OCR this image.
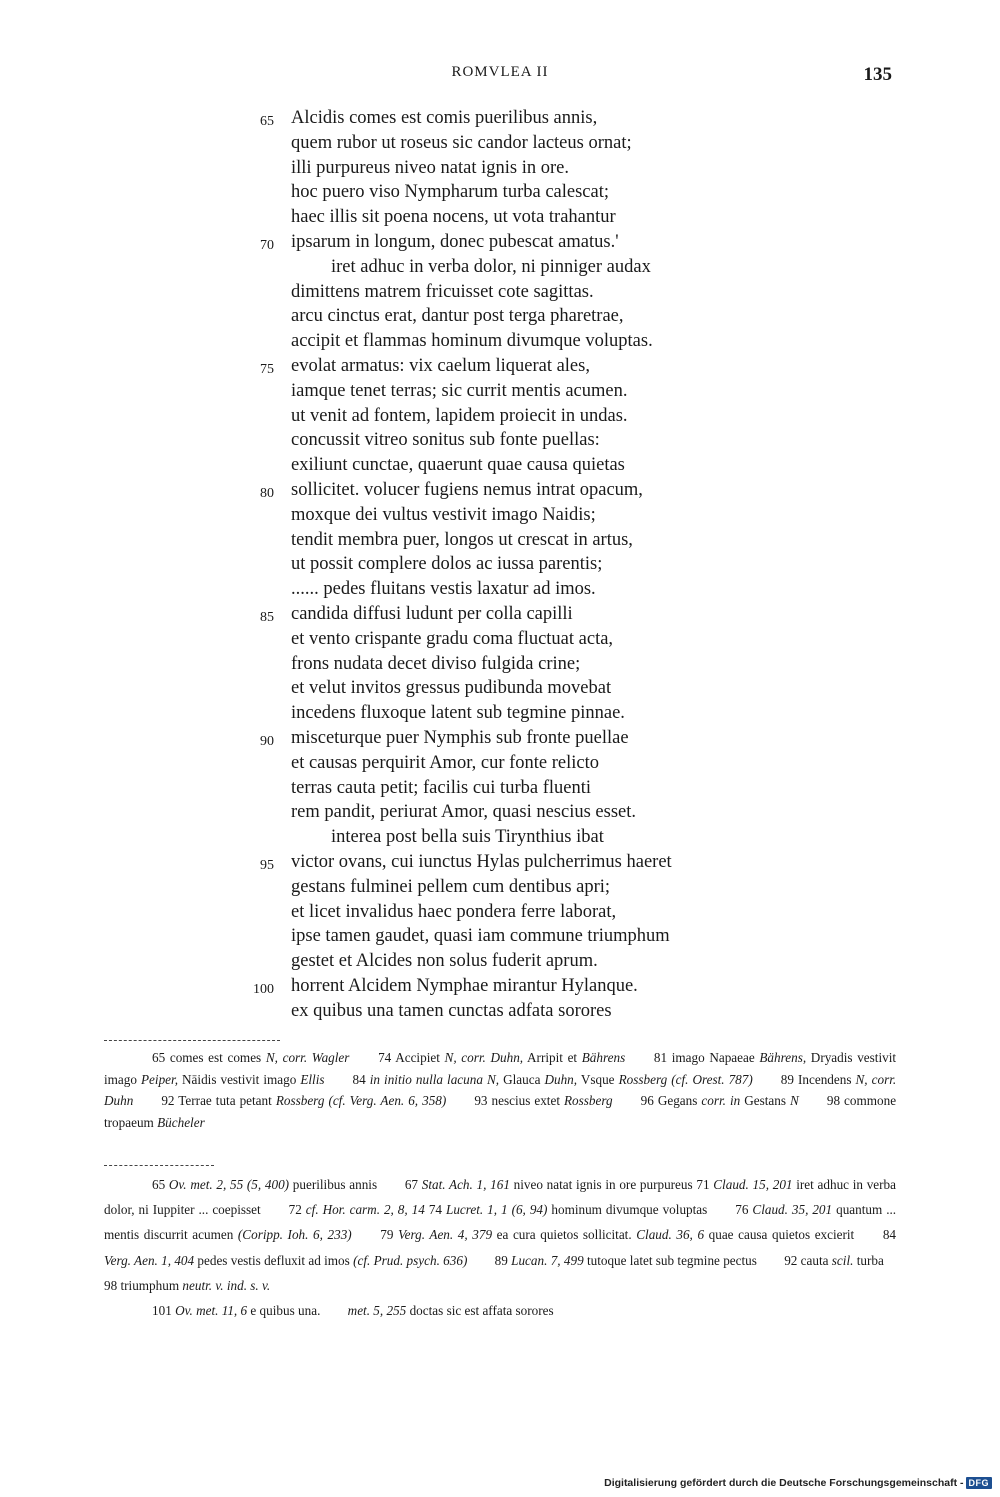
ROMVLEA II	135
65 Alcidis comes est comis puerilibus annis,
quem rubor ut roseus sic candor lacteus ornat;
illi purpureus niveo natat ignis in ore.
hoc puero viso Nympharum turba calescat;
haec illis sit poena nocens, ut vota trahantur
70 ipsarum in longum, donec pubescat amatus.'
iret adhuc in verba dolor, ni pinniger audax
dimittens matrem fricuisset cote sagittas.
arcu cinctus erat, dantur post terga pharetrae,
accipit et flammas hominum divumque voluptas.
75 evolat armatus: vix caelum liquerat ales,
iamque tenet terras; sic currit mentis acumen.
ut venit ad fontem, lapidem proiecit in undas.
concussit vitreo sonitus sub fonte puellas:
exiliunt cunctae, quaerunt quae causa quietas
80 sollicitet. volucer fugiens nemus intrat opacum,
moxque dei vultus vestivit imago Naidis;
tendit membra puer, longos ut crescat in artus,
ut possit complere dolos ac iussa parentis;
...... pedes fluitans vestis laxatur ad imos.
85 candida diffusi ludunt per colla capilli
et vento crispante gradu coma fluctuat acta,
frons nudata decet diviso fulgida crine;
et velut invitos gressus pudibunda movebat
incedens fluxoque latent sub tegmine pinnae.
90 misceturque puer Nymphis sub fronte puellae
et causas perquirit Amor, cur fonte relicto
terras cauta petit; facilis cui turba fluenti
rem pandit, periurat Amor, quasi nescius esset.
interea post bella suis Tirynthius ibat
95 victor ovans, cui iunctus Hylas pulcherrimus haeret
gestans fulminei pellem cum dentibus apri;
et licet invalidus haec pondera ferre laborat,
ipse tamen gaudet, quasi iam commune triumphum
gestet et Alcides non solus fuderit aprum.
100 horrent Alcidem Nymphae mirantur Hylanque.
ex quibus una tamen cunctas adfata sorores

65 comes est comes N, corr. Wagler 74 Accipiet N, corr. Duhn, Arripit et Bährens 81 imago Napaeae Bährens, Dryadis vestivit imago Peiper, Nāidis vestivit imago Ellis 84 in initio nulla lacuna N, Glauca Duhn, Vsque Rossberg (cf. Orest. 787) 89 Incendens N, corr. Duhn 92 Terrae tuta petant Rossberg (cf. Verg. Aen. 6, 358) 93 nescius extet Rossberg 96 Gegans corr. in Gestans N 98 commone tropaeum Bücheler

65 Ov. met. 2, 55 (5, 400) puerilibus annis 67 Stat. Ach. 1, 161 niveo natat ignis in ore purpureus 71 Claud. 15, 201 iret adhuc in verba dolor, ni Iuppiter ... coepisset 72 cf. Hor. carm. 2, 8, 14 74 Lucret. 1, 1 (6, 94) hominum divumque voluptas 76 Claud. 35, 201 quantum ... mentis discurrit acumen (Coripp. Ioh. 6, 233) 79 Verg. Aen. 4, 379 ea cura quietos sollicitat. Claud. 36, 6 quae causa quietos excierit 84 Verg. Aen. 1, 404 pedes vestis defluxit ad imos (cf. Prud. psych. 636) 89 Lucan. 7, 499 tutoque latet sub tegmine pectus 92 cauta scil. turba 98 triumphum neutr. v. ind. s. v.

101 Ov. met. 11, 6 e quibus una. met. 5, 255 doctas sic est affata sorores

Digitalisierung gefördert durch die Deutsche Forschungsgemeinschaft - DFG
